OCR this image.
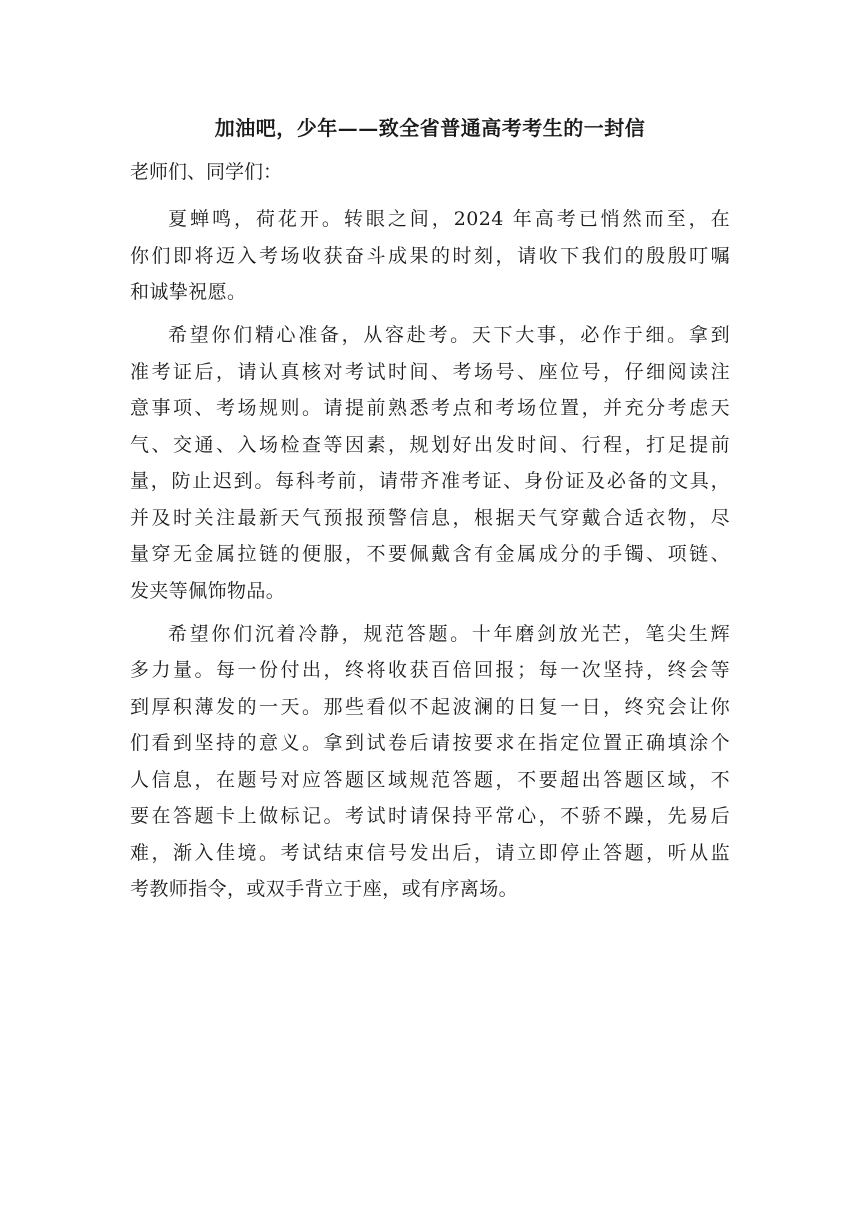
加油吧，少年——致全省普通高考考生的一封信
老师们、同学们：
夏蝉鸣，荷花开。转眼之间，2024 年高考已悄然而至，在
你们即将迈入考场收获奋斗成果的时刻，请收下我们的殷殷叮嘱
和诚挚祝愿。
希望你们精心准备，从容赴考。天下大事，必作于细。拿到
准考证后，请认真核对考试时间、考场号、座位号，仔细阅读注
意事项、考场规则。请提前熟悉考点和考场位置，并充分考虑天
气、交通、入场检查等因素，规划好出发时间、行程，打足提前
量，防止迟到。每科考前，请带齐准考证、身份证及必备的文具，
并及时关注最新天气预报预警信息，根据天气穿戴合适衣物，尽
量穿无金属拉链的便服，不要佩戴含有金属成分的手镯、项链、
发夹等佩饰物品。
希望你们沉着冷静，规范答题。十年磨剑放光芒，笔尖生辉
多力量。每一份付出，终将收获百倍回报；每一次坚持，终会等
到厚积薄发的一天。那些看似不起波澜的日复一日，终究会让你
们看到坚持的意义。拿到试卷后请按要求在指定位置正确填涂个
人信息，在题号对应答题区域规范答题，不要超出答题区域，不
要在答题卡上做标记。考试时请保持平常心，不骄不躁，先易后
难，渐入佳境。考试结束信号发出后，请立即停止答题，听从监
考教师指令，或双手背立于座，或有序离场。
